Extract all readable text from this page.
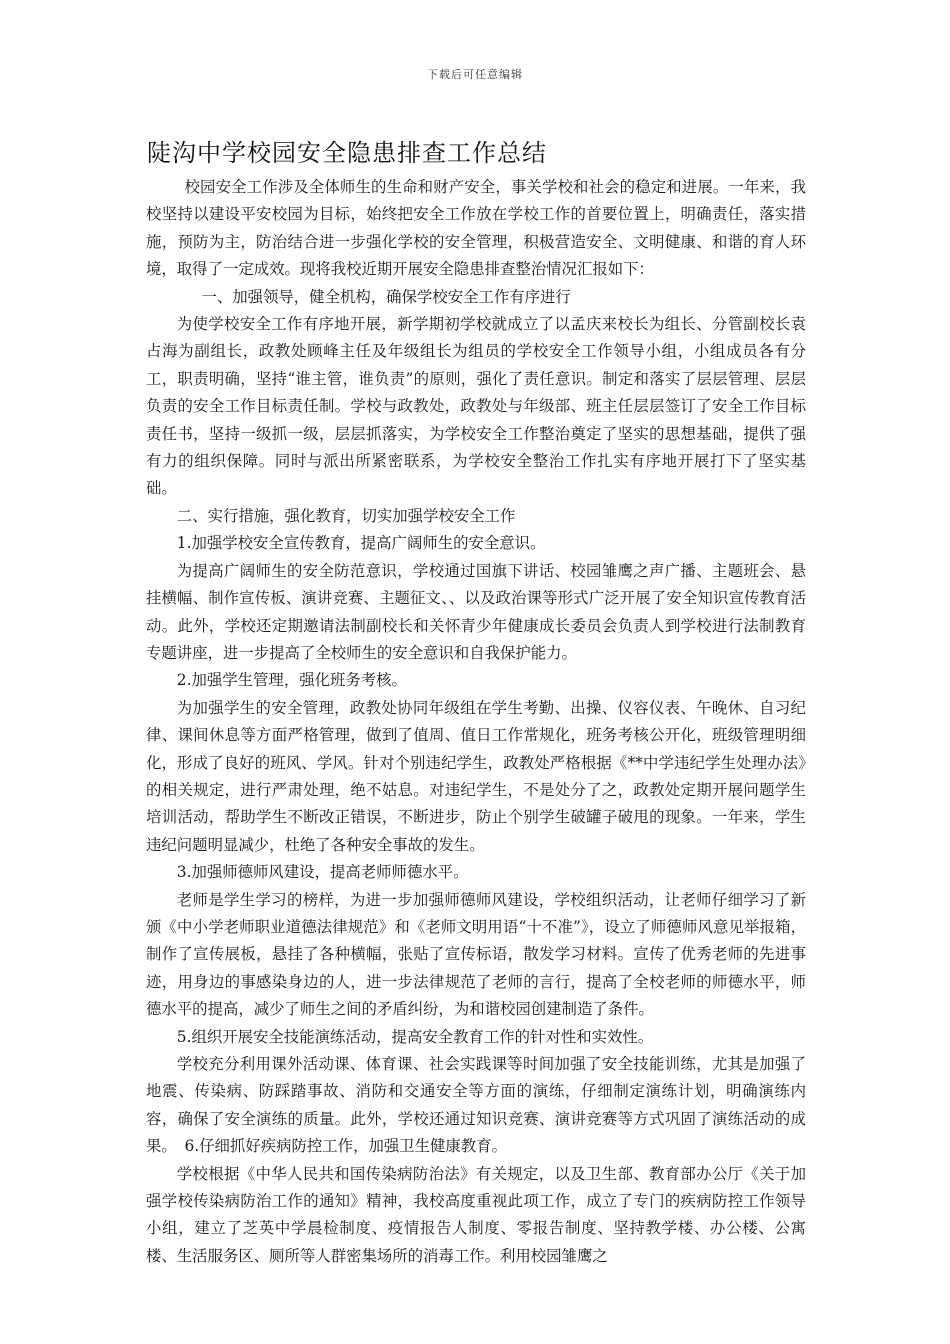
下载后可任意编辑
陡沟中学校园安全隐患排查工作总结

校园安全工作涉及全体师生的生命和财产安全，事关学校和社会的稳定和进展。一年来，我校坚持以建设平安校园为目标，始终把安全工作放在学校工作的首要位置上，明确责任，落实措施，预防为主，防治结合进一步强化学校的安全管理，积极营造安全、文明健康、和谐的育人环境，取得了一定成效。现将我校近期开展安全隐患排查整治情况汇报如下：

一、加强领导，健全机构，确保学校安全工作有序进行

为使学校安全工作有序地开展，新学期初学校就成立了以孟庆来校长为组长、分管副校长袁占海为副组长，政教处顾峰主任及年级组长为组员的学校安全工作领导小组，小组成员各有分工，职责明确，坚持“谁主管，谁负责”的原则，强化了责任意识。制定和落实了层层管理、层层负责的安全工作目标责任制。学校与政教处，政教处与年级部、班主任层层签订了安全工作目标责任书，坚持一级抓一级，层层抓落实，为学校安全工作整治奠定了坚实的思想基础，提供了强有力的组织保障。同时与派出所紧密联系，为学校安全整治工作扎实有序地开展打下了坚实基础。

二、实行措施，强化教育，切实加强学校安全工作

1.加强学校安全宣传教育，提高广阔师生的安全意识。

为提高广阔师生的安全防范意识，学校通过国旗下讲话、校园雏鹰之声广播、主题班会、悬挂横幅、制作宣传板、演讲竞赛、主题征文、、以及政治课等形式广泛开展了安全知识宣传教育活动。此外，学校还定期邀请法制副校长和关怀青少年健康成长委员会负责人到学校进行法制教育专题讲座，进一步提高了全校师生的安全意识和自我保护能力。

2.加强学生管理，强化班务考核。

为加强学生的安全管理，政教处协同年级组在学生考勤、出操、仪容仪表、午晚休、自习纪律、课间休息等方面严格管理，做到了值周、值日工作常规化，班务考核公开化，班级管理明细化，形成了良好的班风、学风。针对个别违纪学生，政教处严格根据《**中学违纪学生处理办法》的相关规定，进行严肃处理，绝不姑息。对违纪学生，不是处分了之，政教处定期开展问题学生培训活动，帮助学生不断改正错误，不断进步，防止个别学生破罐子破甩的现象。一年来，学生违纪问题明显减少，杜绝了各种安全事故的发生。

3.加强师德师风建设，提高老师师德水平。

老师是学生学习的榜样，为进一步加强师德师风建设，学校组织活动，让老师仔细学习了新颁《中小学老师职业道德法律规范》和《老师文明用语“十不准”》，设立了师德师风意见举报箱，制作了宣传展板，悬挂了各种横幅，张贴了宣传标语，散发学习材料。宣传了优秀老师的先进事迹，用身边的事感染身边的人，进一步法律规范了老师的言行，提高了全校老师的师德水平，师德水平的提高，减少了师生之间的矛盾纠纷，为和谐校园创建制造了条件。

5.组织开展安全技能演练活动，提高安全教育工作的针对性和实效性。

学校充分利用课外活动课、体育课、社会实践课等时间加强了安全技能训练，尤其是加强了地震、传染病、防踩踏事故、消防和交通安全等方面的演练，仔细制定演练计划，明确演练内容，确保了安全演练的质量。此外，学校还通过知识竞赛、演讲竞赛等方式巩固了演练活动的成果。　6.仔细抓好疾病防控工作，加强卫生健康教育。

学校根据《中华人民共和国传染病防治法》有关规定，以及卫生部、教育部办公厅《关于加强学校传染病防治工作的通知》精神，我校高度重视此项工作，成立了专门的疾病防控工作领导小组，建立了芝英中学晨检制度、疫情报告人制度、零报告制度、坚持教学楼、办公楼、公寓楼、生活服务区、厕所等人群密集场所的消毒工作。利用校园雏鹰之
